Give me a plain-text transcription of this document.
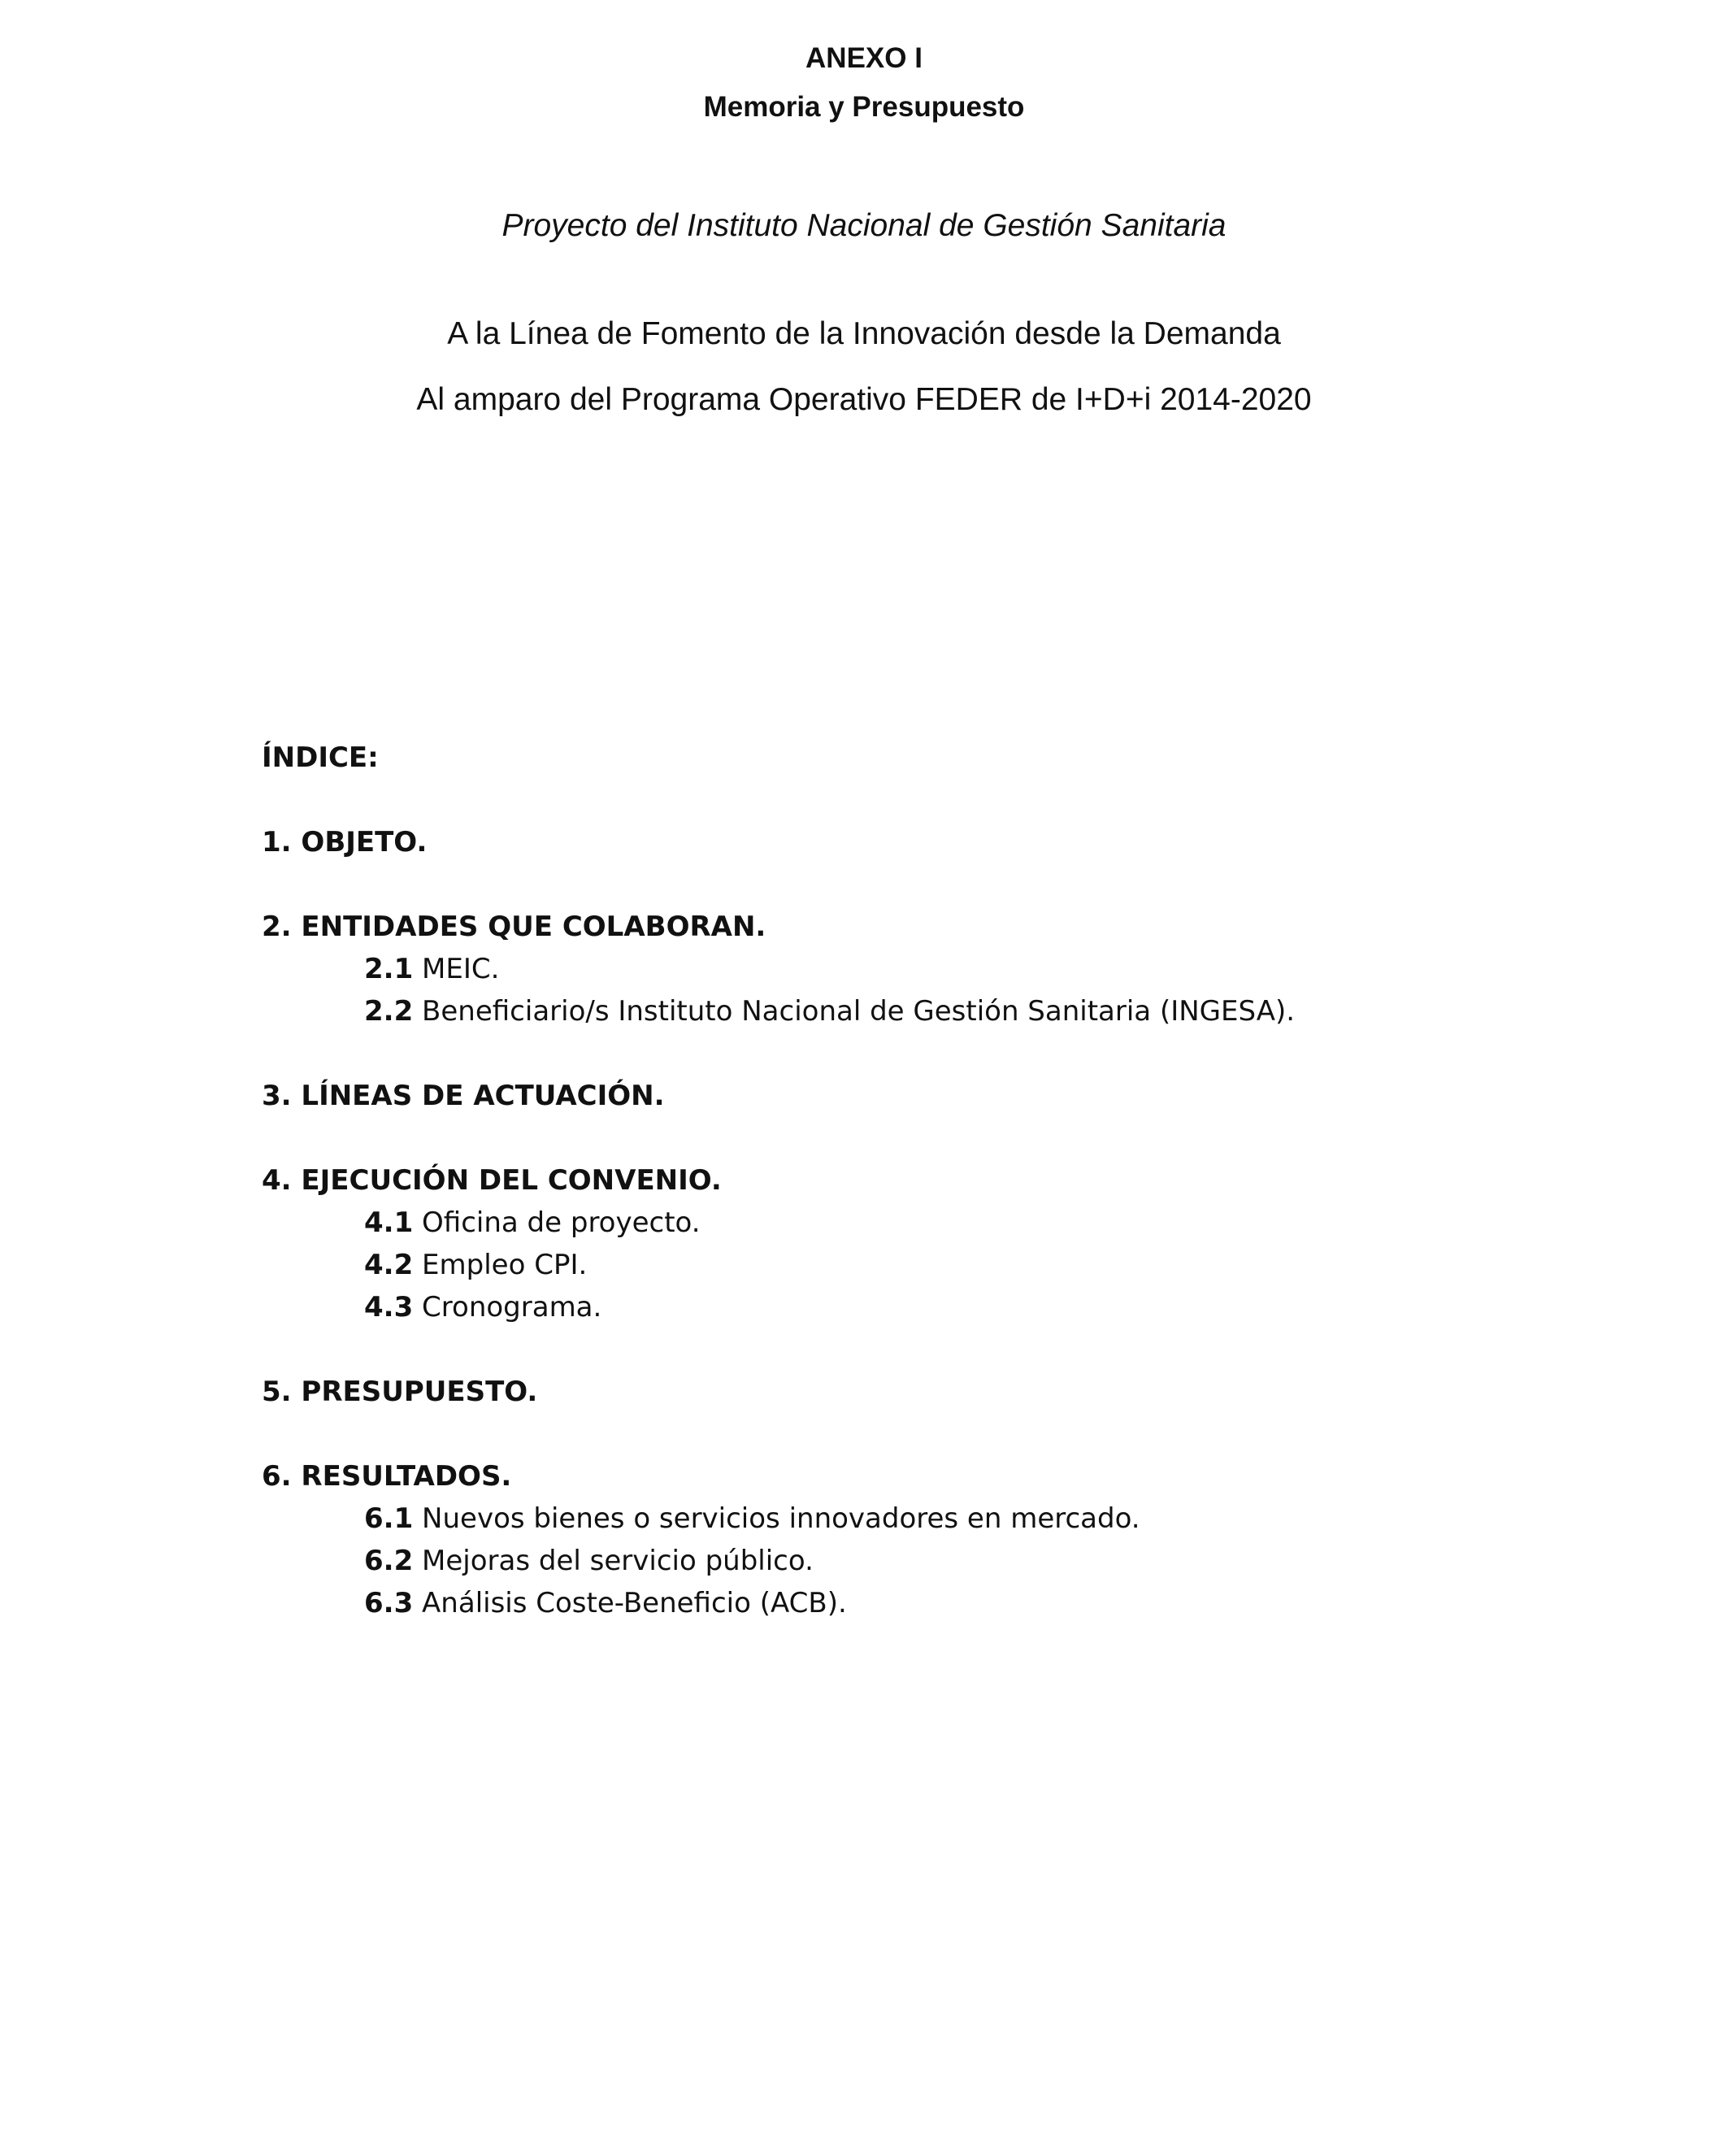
ANEXO I
Memoria y Presupuesto
Proyecto del Instituto Nacional de Gestión Sanitaria
A la Línea de Fomento de la Innovación desde la Demanda
Al amparo del Programa Operativo FEDER de I+D+i 2014-2020
ÍNDICE:
1. OBJETO.
2. ENTIDADES QUE COLABORAN.
2.1 MEIC.
2.2 Beneficiario/s Instituto Nacional de Gestión Sanitaria (INGESA).
3. LÍNEAS DE ACTUACIÓN.
4. EJECUCIÓN DEL CONVENIO.
4.1 Oficina de proyecto.
4.2 Empleo CPI.
4.3 Cronograma.
5. PRESUPUESTO.
6. RESULTADOS.
6.1 Nuevos bienes o servicios innovadores en mercado.
6.2 Mejoras del servicio público.
6.3 Análisis Coste-Beneficio (ACB).
